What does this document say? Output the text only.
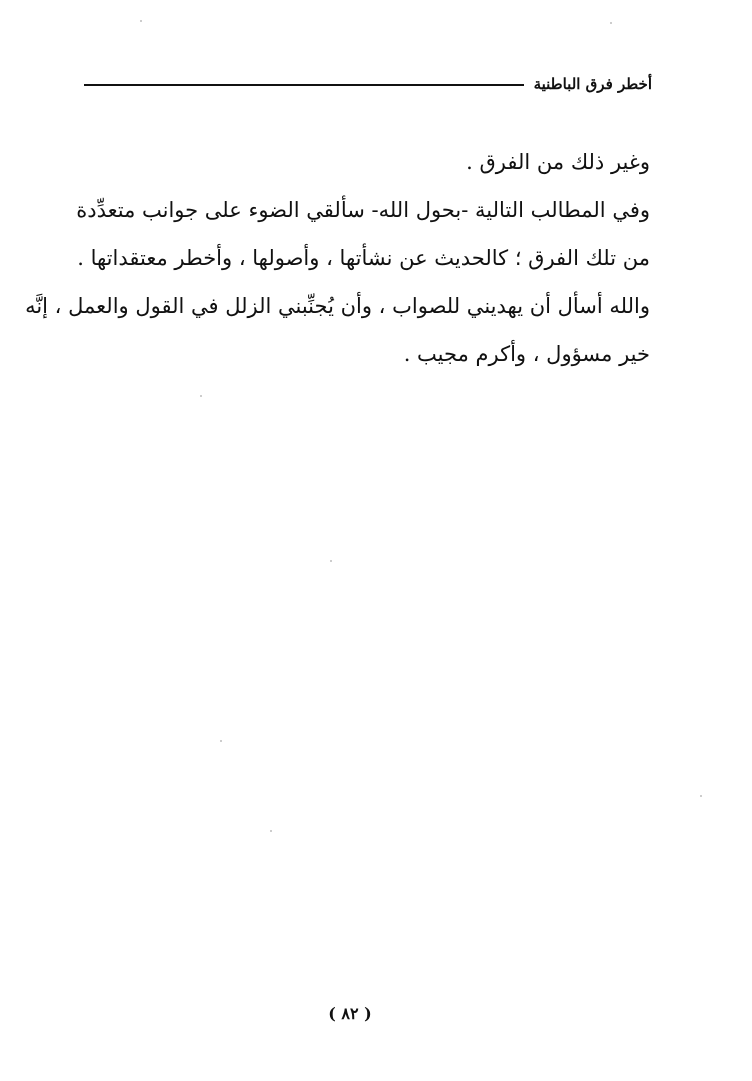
أخطر فرق الباطنية
وغير ذلك من الفرق .
وفي المطالب التالية -بحول الله- سألقي الضوء على جوانب متعدِّدة
من تلك الفرق ؛ كالحديث عن نشأتها ، وأصولها ، وأخطر معتقداتها .
والله أسأل أن يهديني للصواب ، وأن يُجنِّبني الزلل في القول والعمل ، إنَّه
خير مسؤول ، وأكرم مجيب .
( ٨٢ )
